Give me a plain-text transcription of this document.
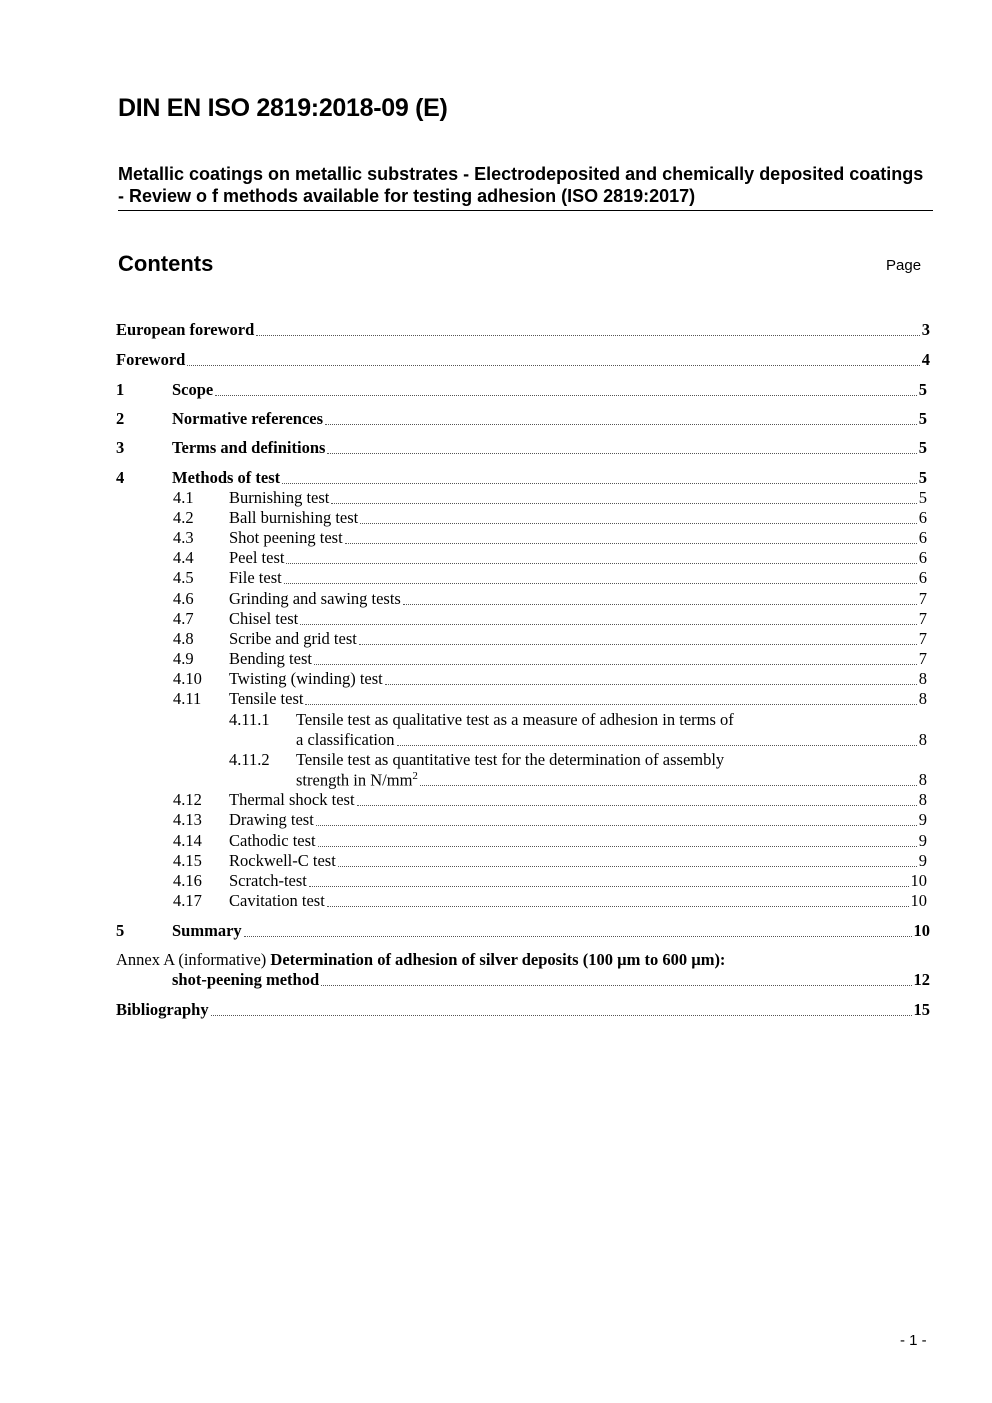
DIN EN ISO 2819:2018-09 (E)
Metallic coatings on metallic substrates - Electrodeposited and chemically deposited coatings - Review o f methods available for testing adhesion (ISO 2819:2017)
Contents	Page
European foreword	3
Foreword	4
1	Scope	5
2	Normative references	5
3	Terms and definitions	5
4	Methods of test	5
4.1 Burnishing test	5
4.2 Ball burnishing test	6
4.3 Shot peening test	6
4.4 Peel test	6
4.5 File test	6
4.6 Grinding and sawing tests	7
4.7 Chisel test	7
4.8 Scribe and grid test	7
4.9 Bending test	7
4.10 Twisting (winding) test	8
4.11 Tensile test	8
4.11.1 Tensile test as qualitative test as a measure of adhesion in terms of
a classification	8
4.11.2 Tensile test as quantitative test for the determination of assembly
strength in $N/mm^2$	8
4.12 Thermal shock test	8
4.13 Drawing test	9
4.14 Cathodic test	9
4.15 Rockwell-C test	9
4.16 Scratch-test	10
4.17 Cavitation test	10
5	Summary	10
Annex A (informative) Determination of adhesion of silver deposits (100 µm to 600 µm):
shot-peening method	12
Bibliography	15
- 1 -
